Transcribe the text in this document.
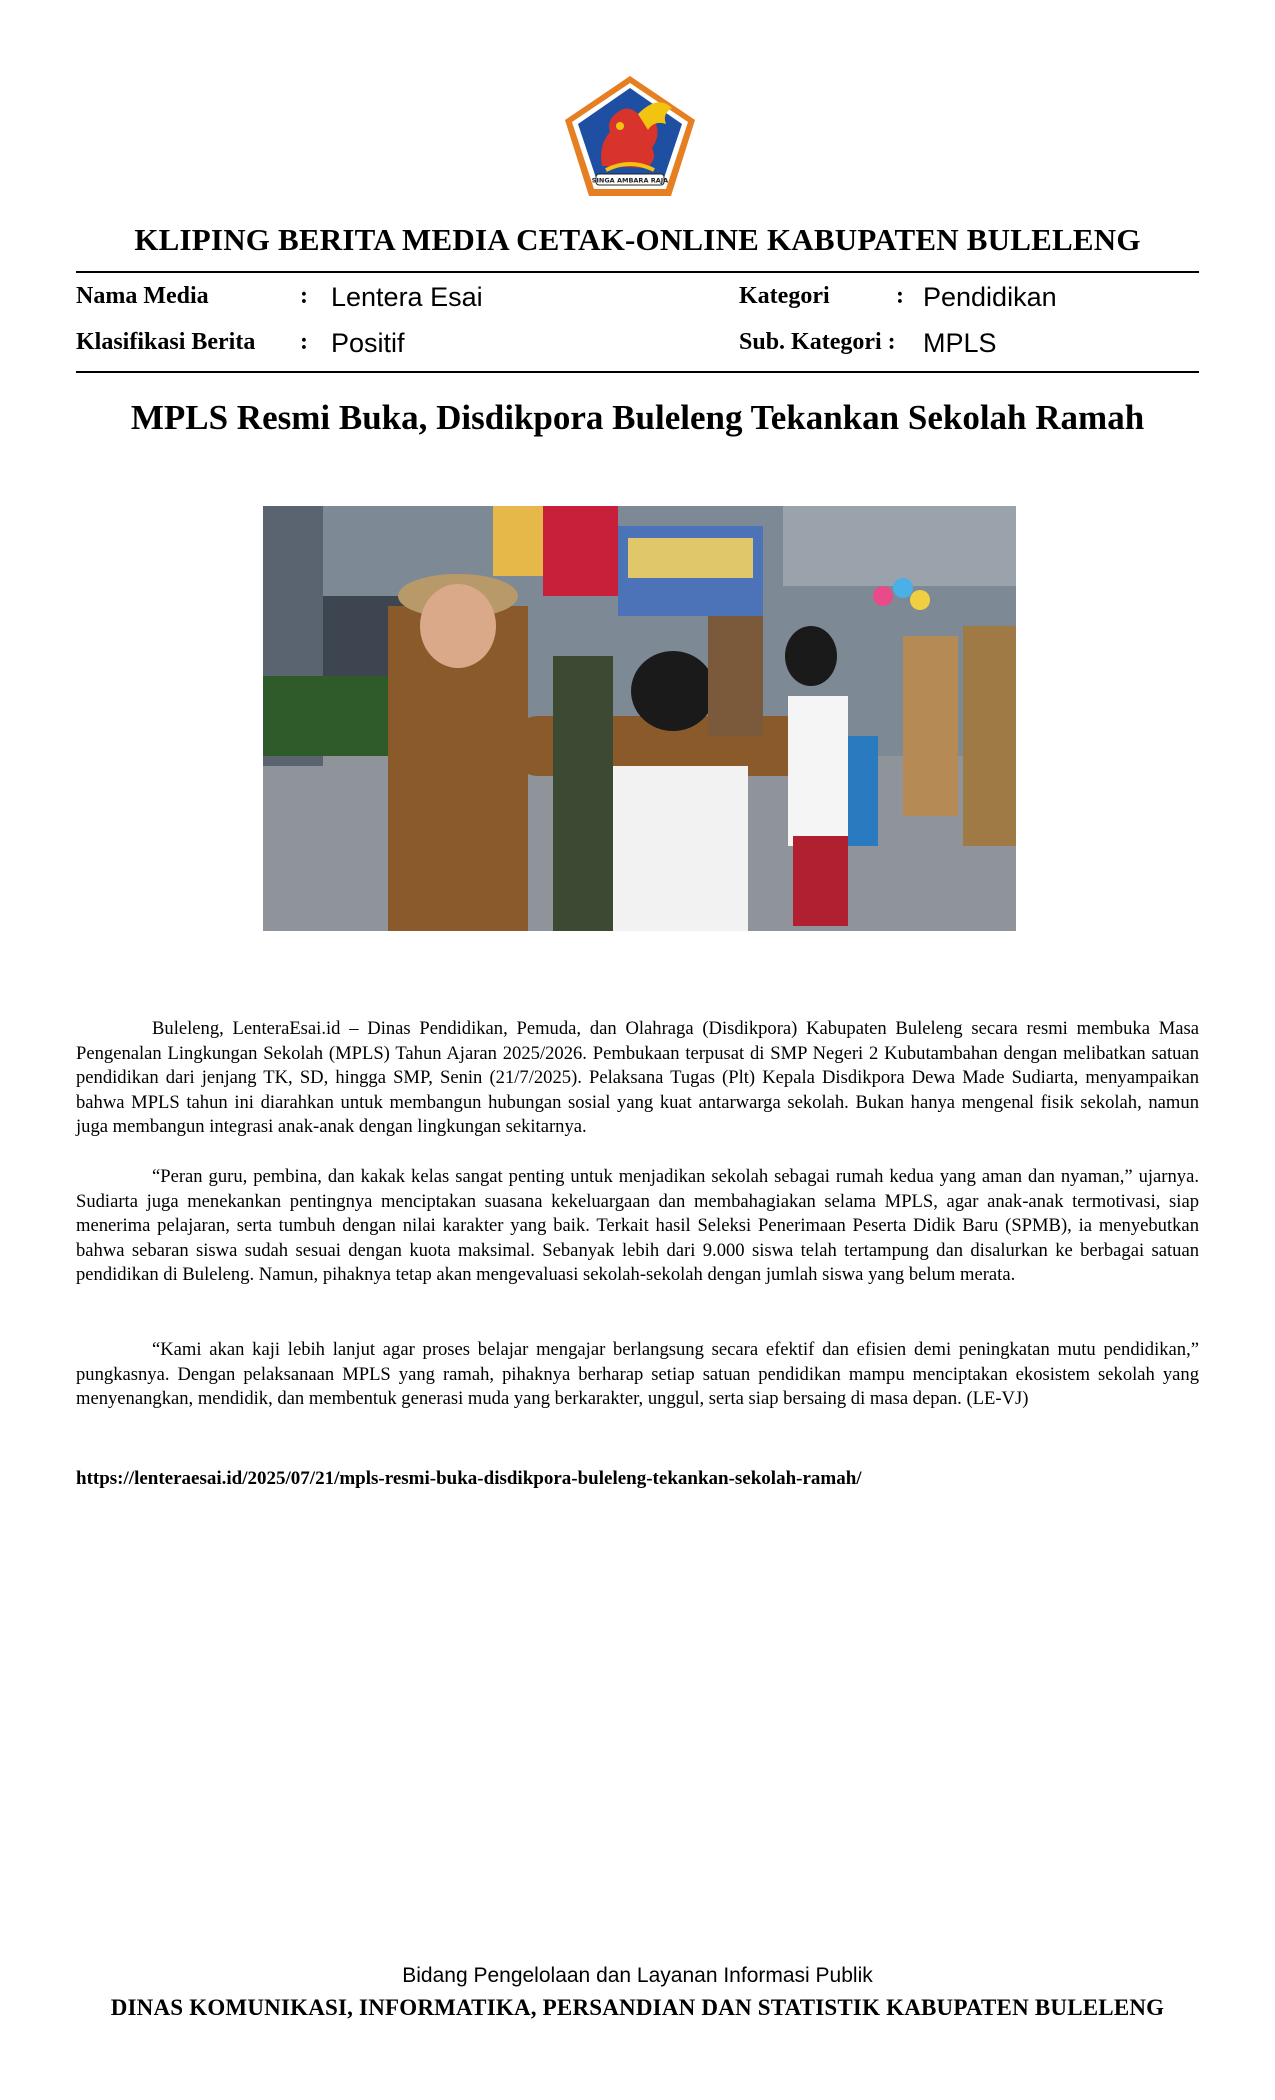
SINGA AMBARA RAJA
KLIPING BERITA MEDIA CETAK-ONLINE KABUPATEN BULELENG
Nama Media	: Lentera Esai	Kategori	: Pendidikan
Klasifikasi Berita : Positif	Sub. Kategori : MPLS
MPLS Resmi Buka, Disdikpora Buleleng Tekankan Sekolah Ramah

Buleleng, LenteraEsai.id – Dinas Pendidikan, Pemuda, dan Olahraga (Disdikpora) Kabupaten Buleleng secara resmi membuka Masa Pengenalan Lingkungan Sekolah (MPLS) Tahun Ajaran 2025/2026. Pembukaan terpusat di SMP Negeri 2 Kubutambahan dengan melibatkan satuan pendidikan dari jenjang TK, SD, hingga SMP, Senin (21/7/2025). Pelaksana Tugas (Plt) Kepala Disdikpora Dewa Made Sudiarta, menyampaikan bahwa MPLS tahun ini diarahkan untuk membangun hubungan sosial yang kuat antarwarga sekolah. Bukan hanya mengenal fisik sekolah, namun juga membangun integrasi anak-anak dengan lingkungan sekitarnya.

“Peran guru, pembina, dan kakak kelas sangat penting untuk menjadikan sekolah sebagai rumah kedua yang aman dan nyaman,” ujarnya. Sudiarta juga menekankan pentingnya menciptakan suasana kekeluargaan dan membahagiakan selama MPLS, agar anak-anak termotivasi, siap menerima pelajaran, serta tumbuh dengan nilai karakter yang baik. Terkait hasil Seleksi Penerimaan Peserta Didik Baru (SPMB), ia menyebutkan bahwa sebaran siswa sudah sesuai dengan kuota maksimal. Sebanyak lebih dari 9.000 siswa telah tertampung dan disalurkan ke berbagai satuan pendidikan di Buleleng. Namun, pihaknya tetap akan mengevaluasi sekolah-sekolah dengan jumlah siswa yang belum merata.

“Kami akan kaji lebih lanjut agar proses belajar mengajar berlangsung secara efektif dan efisien demi peningkatan mutu pendidikan,” pungkasnya. Dengan pelaksanaan MPLS yang ramah, pihaknya berharap setiap satuan pendidikan mampu menciptakan ekosistem sekolah yang menyenangkan, mendidik, dan membentuk generasi muda yang berkarakter, unggul, serta siap bersaing di masa depan. (LE-VJ)

https://lenteraesai.id/2025/07/21/mpls-resmi-buka-disdikpora-buleleng-tekankan-sekolah-ramah/
Bidang Pengelolaan dan Layanan Informasi Publik
DINAS KOMUNIKASI, INFORMATIKA, PERSANDIAN DAN STATISTIK KABUPATEN BULELENG
